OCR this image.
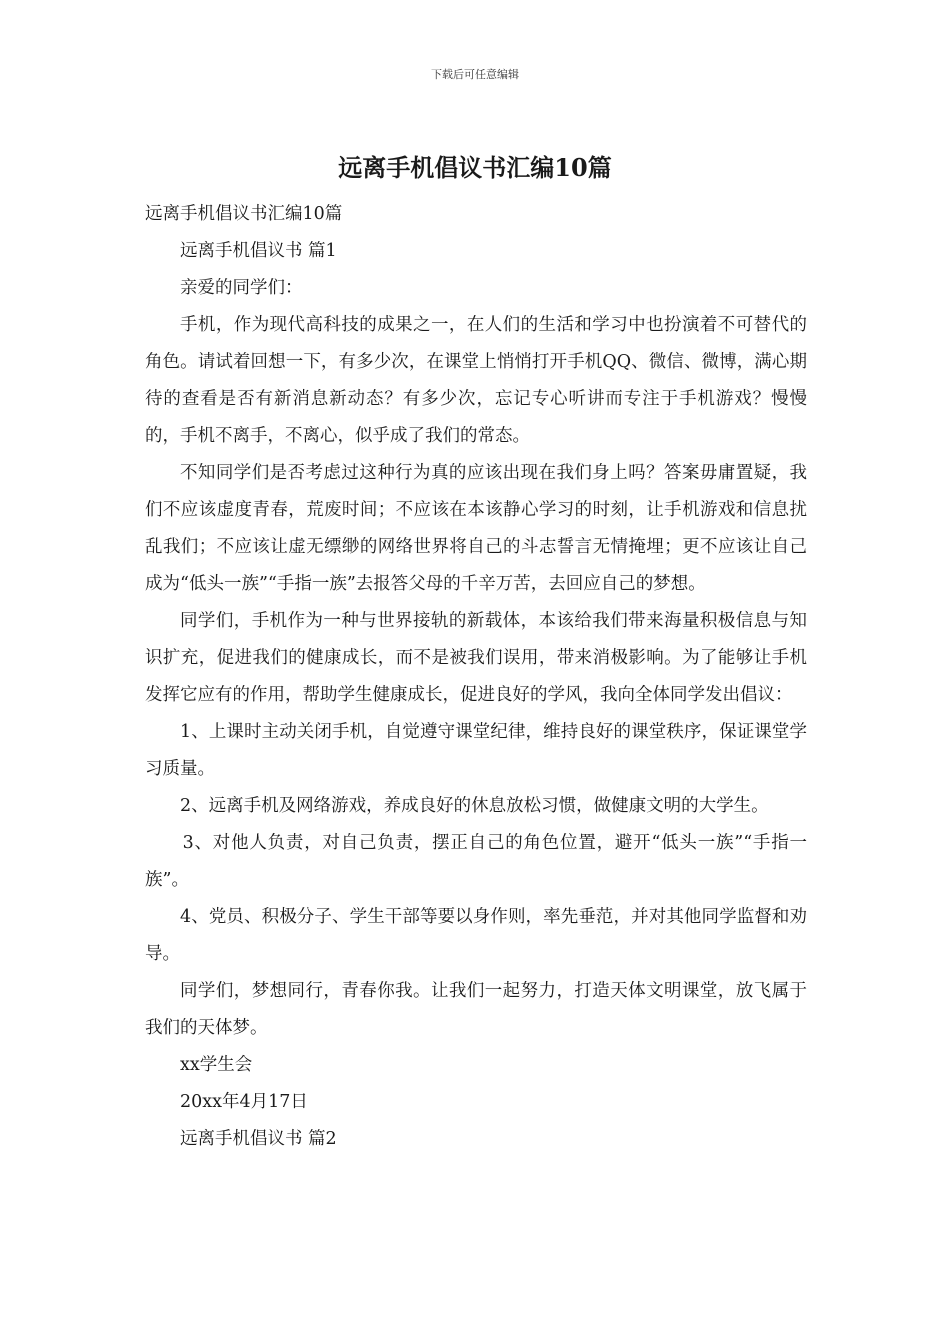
下载后可任意编辑
远离手机倡议书汇编10篇

远离手机倡议书汇编10篇

远离手机倡议书 篇1

亲爱的同学们：

手机，作为现代高科技的成果之一，在人们的生活和学习中也扮演着不可替代的角色。请试着回想一下，有多少次，在课堂上悄悄打开手机QQ、微信、微博，满心期待的查看是否有新消息新动态？有多少次，忘记专心听讲而专注于手机游戏？慢慢的，手机不离手，不离心，似乎成了我们的常态。

不知同学们是否考虑过这种行为真的应该出现在我们身上吗？答案毋庸置疑，我们不应该虚度青春，荒废时间；不应该在本该静心学习的时刻，让手机游戏和信息扰乱我们；不应该让虚无缥缈的网络世界将自己的斗志誓言无情掩埋；更不应该让自己成为“低头一族”“手指一族”去报答父母的千辛万苦，去回应自己的梦想。

同学们，手机作为一种与世界接轨的新载体，本该给我们带来海量积极信息与知识扩充，促进我们的健康成长，而不是被我们误用，带来消极影响。为了能够让手机发挥它应有的作用，帮助学生健康成长，促进良好的学风，我向全体同学发出倡议：

1、上课时主动关闭手机，自觉遵守课堂纪律，维持良好的课堂秩序，保证课堂学习质量。

2、远离手机及网络游戏，养成良好的休息放松习惯，做健康文明的大学生。

3、对他人负责，对自己负责，摆正自己的角色位置，避开“低头一族”“手指一族”。

4、党员、积极分子、学生干部等要以身作则，率先垂范，并对其他同学监督和劝导。

同学们，梦想同行，青春你我。让我们一起努力，打造天体文明课堂，放飞属于我们的天体梦。

xx学生会

20xx年4月17日

远离手机倡议书 篇2
